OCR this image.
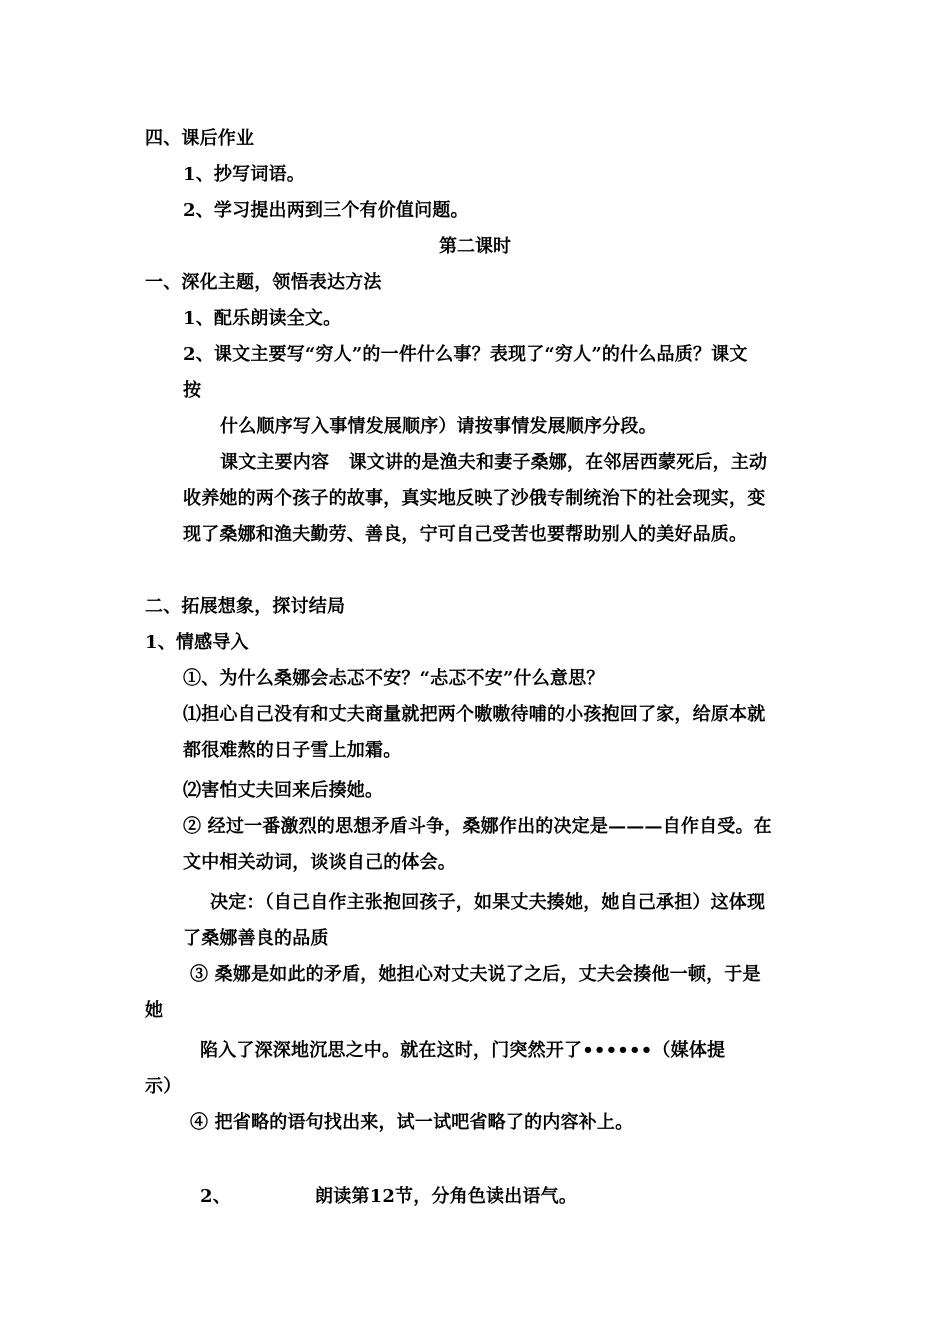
四、课后作业
1、抄写词语。
2、学习提出两到三个有价值问题。
第二课时
一、深化主题，领悟表达方法
1、配乐朗读全文。
2、课文主要写“穷人”的一件什么事？表现了“穷人”的什么品质？课文
按
什么顺序写入事情发展顺序）请按事情发展顺序分段。
课文主要内容   课文讲的是渔夫和妻子桑娜，在邻居西蒙死后，主动
收养她的两个孩子的故事，真实地反映了沙俄专制统治下的社会现实，变
现了桑娜和渔夫勤劳、善良，宁可自己受苦也要帮助别人的美好品质。
二、拓展想象，探讨结局
1、情感导入
①、为什么桑娜会忐忑不安？“忐忑不安”什么意思？
⑴担心自己没有和丈夫商量就把两个嗷嗷待哺的小孩抱回了家，给原本就
都很难熬的日子雪上加霜。
⑵害怕丈夫回来后揍她。
② 经过一番激烈的思想矛盾斗争，桑娜作出的决定是———自作自受。在
文中相关动词，谈谈自己的体会。
决定：（自己自作主张抱回孩子，如果丈夫揍她，她自己承担）这体现
了桑娜善良的品质
③ 桑娜是如此的矛盾，她担心对丈夫说了之后，丈夫会揍他一顿，于是
她
陷入了深深地沉思之中。就在这时，门突然开了••••••（媒体提
示）
④ 把省略的语句找出来，试一试吧省略了的内容补上。
2、	朗读第12节，分角色读出语气。
